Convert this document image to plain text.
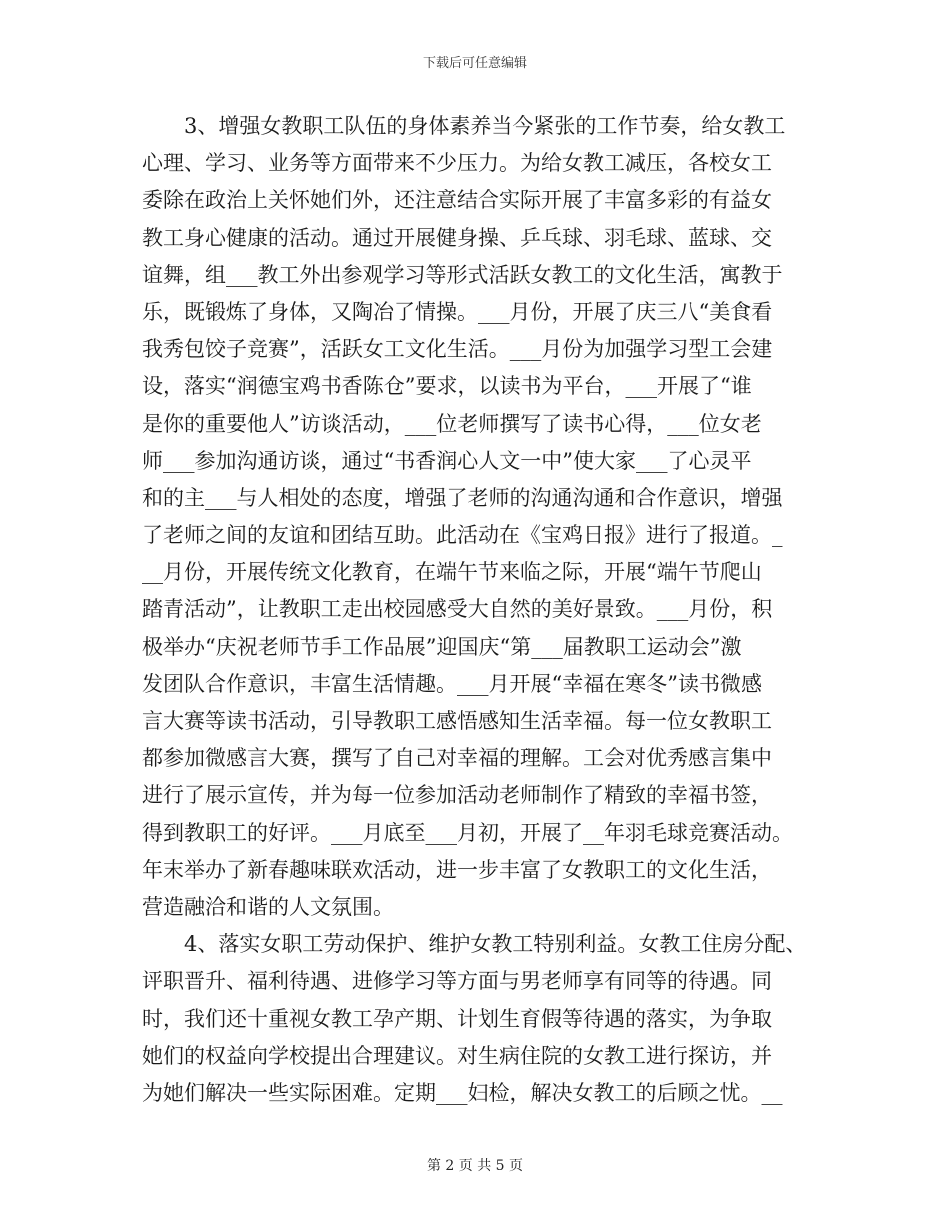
下载后可任意编辑
3、增强女教职工队伍的身体素养当今紧张的工作节奏，给女教工
心理、学习、业务等方面带来不少压力。为给女教工减压，各校女工
委除在政治上关怀她们外，还注意结合实际开展了丰富多彩的有益女
教工身心健康的活动。通过开展健身操、乒乓球、羽毛球、蓝球、交
谊舞，组___教工外出参观学习等形式活跃女教工的文化生活，寓教于
乐，既锻炼了身体，又陶冶了情操。___月份，开展了庆三八“美食看
我秀包饺子竞赛”，活跃女工文化生活。___月份为加强学习型工会建
设，落实“润德宝鸡书香陈仓”要求，以读书为平台，___开展了“谁
是你的重要他人”访谈活动，___位老师撰写了读书心得，___位女老
师___参加沟通访谈，通过“书香润心人文一中”使大家___了心灵平
和的主___与人相处的态度，增强了老师的沟通沟通和合作意识，增强
了老师之间的友谊和团结互助。此活动在《宝鸡日报》进行了报道。_
__月份，开展传统文化教育，在端午节来临之际，开展“端午节爬山
踏青活动”，让教职工走出校园感受大自然的美好景致。___月份，积
极举办“庆祝老师节手工作品展”迎国庆“第___届教职工运动会”激
发团队合作意识，丰富生活情趣。___月开展“幸福在寒冬”读书微感
言大赛等读书活动，引导教职工感悟感知生活幸福。每一位女教职工
都参加微感言大赛，撰写了自己对幸福的理解。工会对优秀感言集中
进行了展示宣传，并为每一位参加活动老师制作了精致的幸福书签，
得到教职工的好评。___月底至___月初，开展了__年羽毛球竞赛活动。
年末举办了新春趣味联欢活动，进一步丰富了女教职工的文化生活，
营造融洽和谐的人文氛围。
4、落实女职工劳动保护、维护女教工特别利益。女教工住房分配、
评职晋升、福利待遇、进修学习等方面与男老师享有同等的待遇。同
时，我们还十重视女教工孕产期、计划生育假等待遇的落实，为争取
她们的权益向学校提出合理建议。对生病住院的女教工进行探访，并
为她们解决一些实际困难。定期___妇检，解决女教工的后顾之忧。__
第 2 页 共 5 页
